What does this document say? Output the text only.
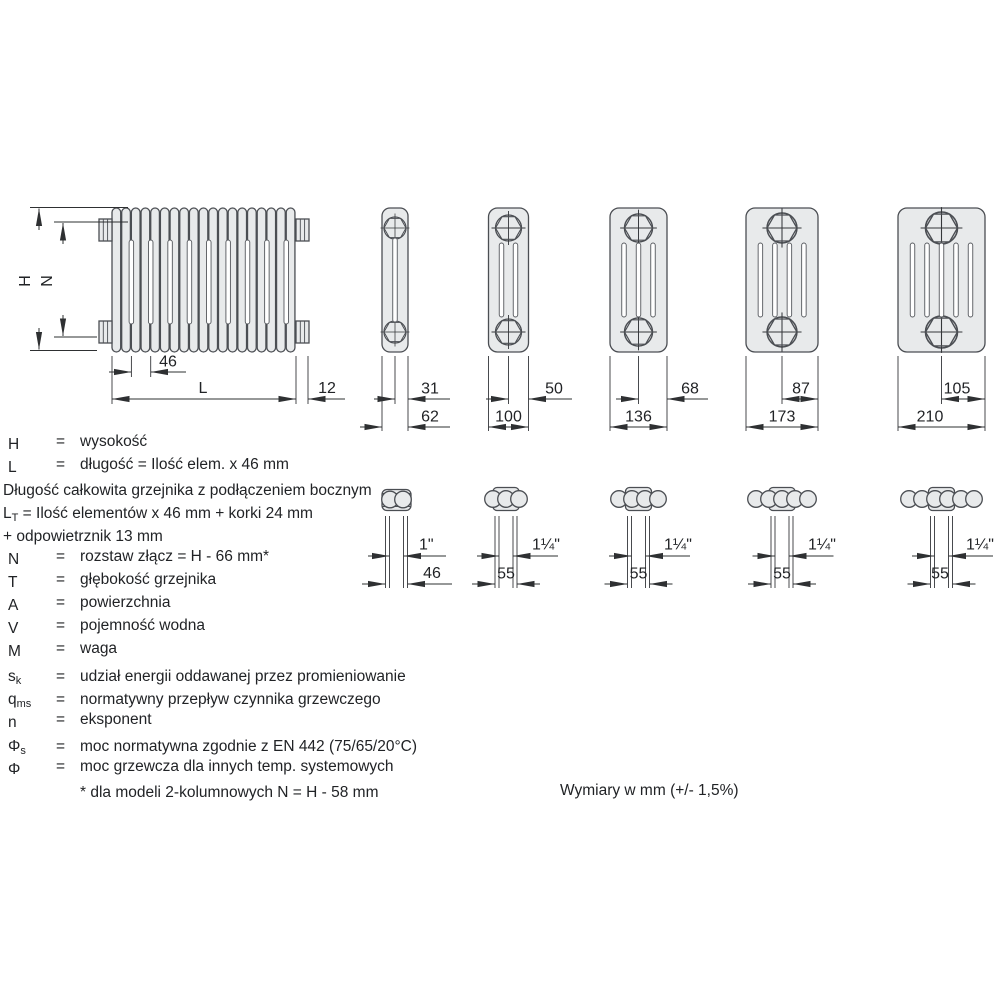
H N
46
L	12	31
62
50
100
68
136
87
173
105
210
1"
46
1¼"
55
1¼"
55
1¼"
55
1¼"
55
H = wysokość
L	= długość = Ilość elem. x 46 mm
Długość całkowita grzejnika z podłączeniem bocznym
LT = Ilość elementów x 46 mm + korki 24 mm
+ odpowietrznik 13 mm
N = rozstaw złącz = H - 66 mm*
T = głębokość grzejnika
A = powierzchnia
V = pojemność wodna
M = waga
sk = udział energii oddawanej przez promieniowanie
qms = normatywny przepływ czynnika grzewczego
n	= eksponent
Φs = moc normatywna zgodnie z EN 442 (75/65/20°C)
Φ = moc grzewcza dla innych temp. systemowych
* dla modeli 2-kolumnowych N = H - 58 mm	Wymiary w mm (+/- 1,5%)
